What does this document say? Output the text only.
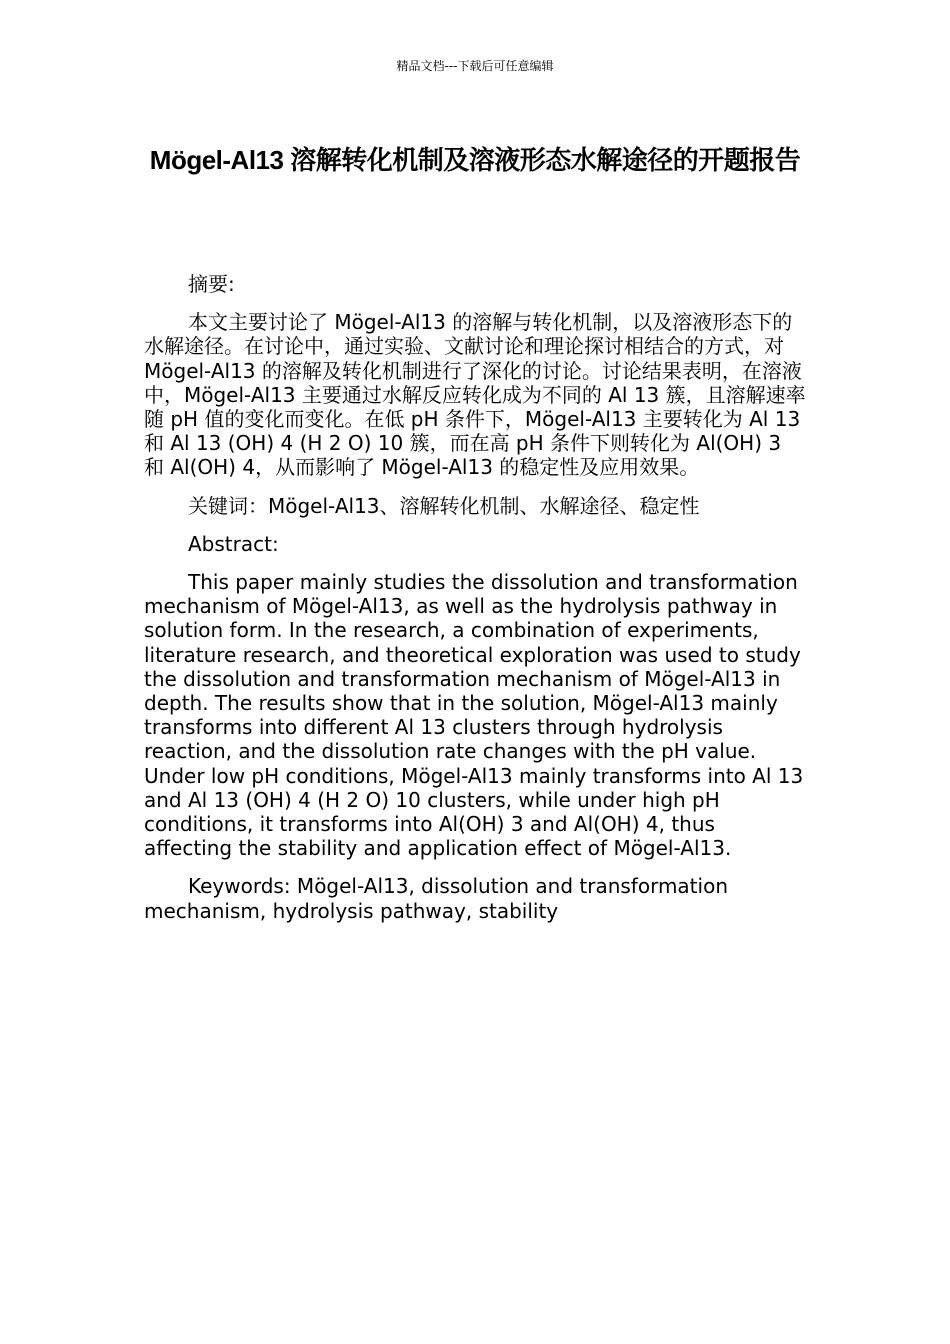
精品文档---下载后可任意编辑
Mögel-Al13 溶解转化机制及溶液形态水解途径的开题报告

摘要:

本文主要讨论了 Mögel-Al13 的溶解与转化机制，以及溶液形态下的水解途径。在讨论中，通过实验、文献讨论和理论探讨相结合的方式，对 Mögel-Al13 的溶解及转化机制进行了深化的讨论。讨论结果表明，在溶液中，Mögel-Al13 主要通过水解反应转化成为不同的 Al 13 簇，且溶解速率随 pH 值的变化而变化。在低 pH 条件下，Mögel-Al13 主要转化为 Al 13 和 Al 13 (OH) 4 (H 2 O) 10 簇，而在高 pH 条件下则转化为 Al(OH) 3 和 Al(OH) 4，从而影响了 Mögel-Al13 的稳定性及应用效果。

关键词：Mögel-Al13、溶解转化机制、水解途径、稳定性

Abstract:

This paper mainly studies the dissolution and transformation mechanism of Mögel-Al13, as well as the hydrolysis pathway in solution form. In the research, a combination of experiments, literature research, and theoretical exploration was used to study the dissolution and transformation mechanism of Mögel-Al13 in depth. The results show that in the solution, Mögel-Al13 mainly transforms into different Al 13 clusters through hydrolysis reaction, and the dissolution rate changes with the pH value. Under low pH conditions, Mögel-Al13 mainly transforms into Al 13 and Al 13 (OH) 4 (H 2 O) 10 clusters, while under high pH conditions, it transforms into Al(OH) 3 and Al(OH) 4, thus affecting the stability and application effect of Mögel-Al13.

Keywords: Mögel-Al13, dissolution and transformation mechanism, hydrolysis pathway, stability
